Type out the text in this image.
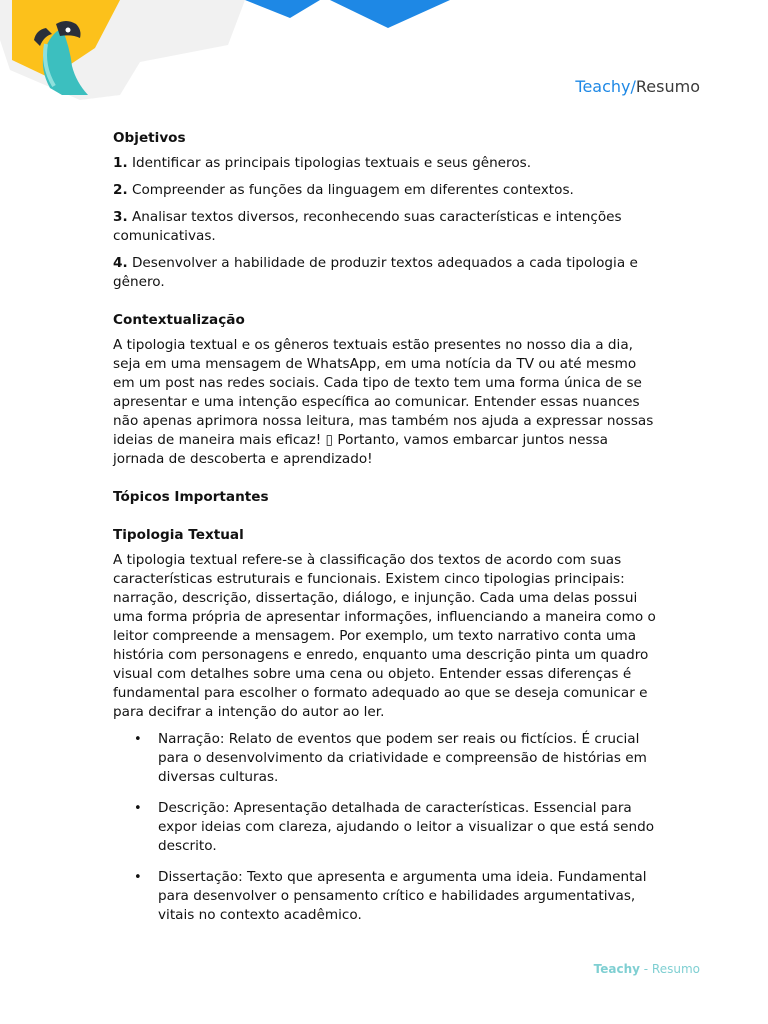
Teachy/Resumo
Objetivos

1. Identificar as principais tipologias textuais e seus gêneros.

2. Compreender as funções da linguagem em diferentes contextos.

3. Analisar textos diversos, reconhecendo suas características e intenções comunicativas.

4. Desenvolver a habilidade de produzir textos adequados a cada tipologia e gênero.

Contextualização

A tipologia textual e os gêneros textuais estão presentes no nosso dia a dia, seja em uma mensagem de WhatsApp, em uma notícia da TV ou até mesmo em um post nas redes sociais. Cada tipo de texto tem uma forma única de se apresentar e uma intenção específica ao comunicar. Entender essas nuances não apenas aprimora nossa leitura, mas também nos ajuda a expressar nossas ideias de maneira mais eficaz! ▯ Portanto, vamos embarcar juntos nessa jornada de descoberta e aprendizado!

Tópicos Importantes
Tipologia Textual

A tipologia textual refere-se à classificação dos textos de acordo com suas características estruturais e funcionais. Existem cinco tipologias principais: narração, descrição, dissertação, diálogo, e injunção. Cada uma delas possui uma forma própria de apresentar informações, influenciando a maneira como o leitor compreende a mensagem. Por exemplo, um texto narrativo conta uma história com personagens e enredo, enquanto uma descrição pinta um quadro visual com detalhes sobre uma cena ou objeto. Entender essas diferenças é fundamental para escolher o formato adequado ao que se deseja comunicar e para decifrar a intenção do autor ao ler.

• Narração: Relato de eventos que podem ser reais ou fictícios. É crucial para o desenvolvimento da criatividade e compreensão de histórias em diversas culturas.
• Descrição: Apresentação detalhada de características. Essencial para expor ideias com clareza, ajudando o leitor a visualizar o que está sendo descrito.
• Dissertação: Texto que apresenta e argumenta uma ideia. Fundamental para desenvolver o pensamento crítico e habilidades argumentativas, vitais no contexto acadêmico.
Teachy - Resumo
